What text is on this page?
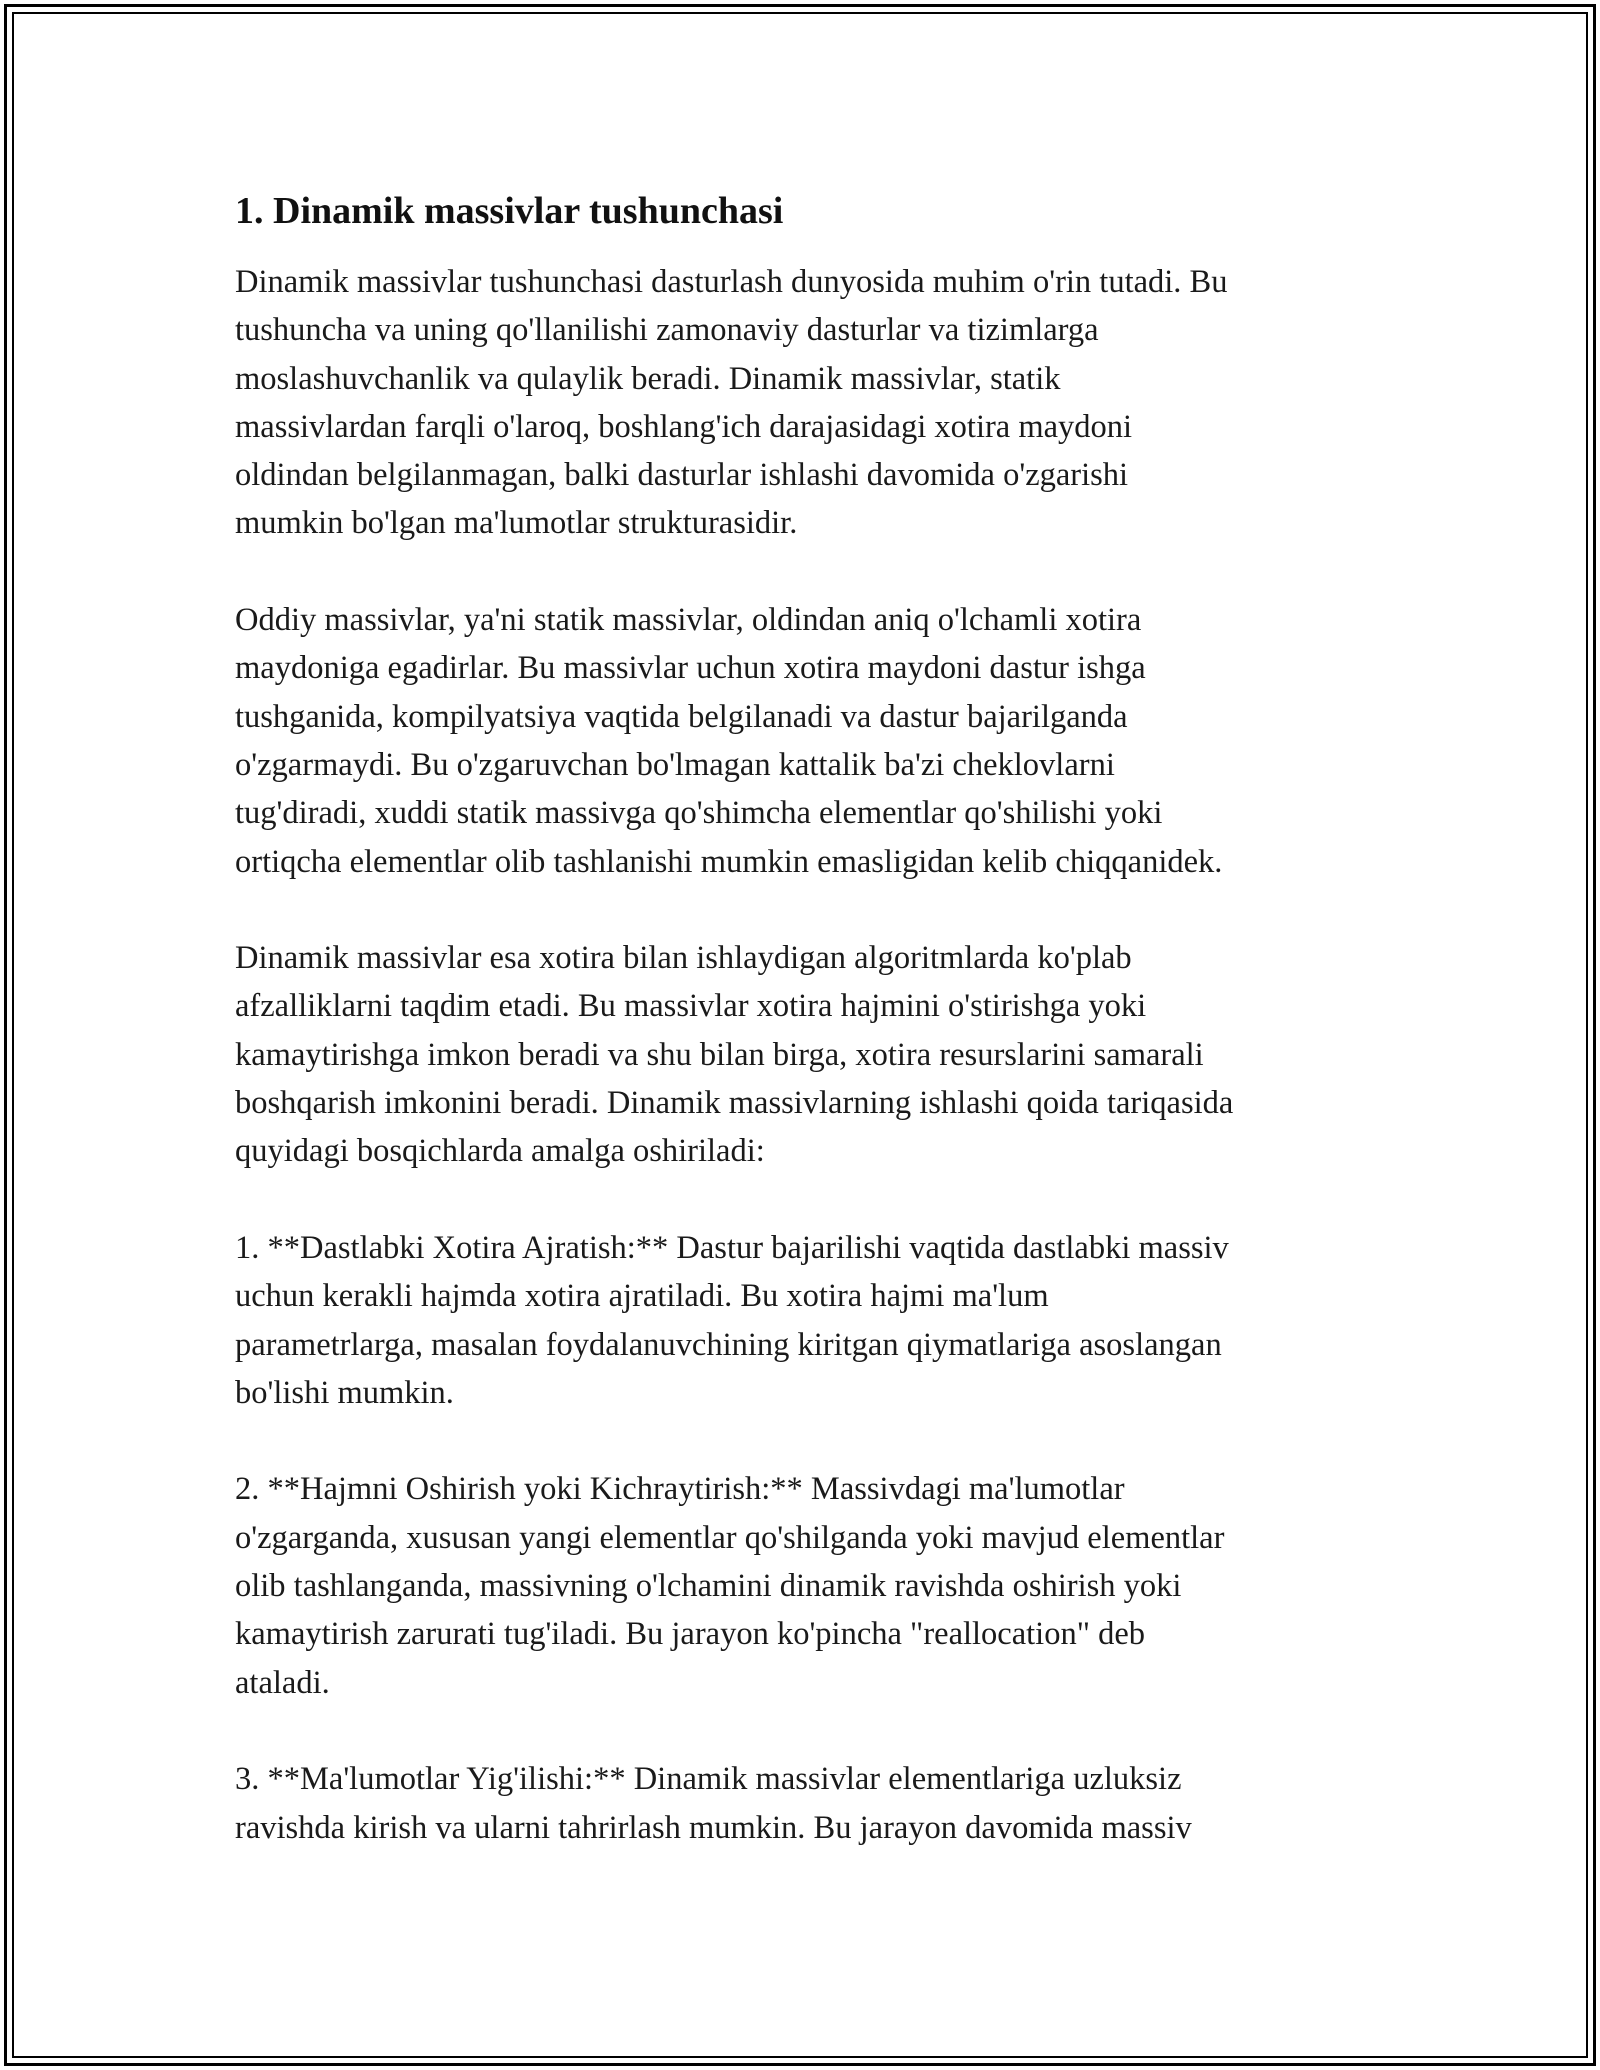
1. Dinamik massivlar tushunchasi

Dinamik massivlar tushunchasi dasturlash dunyosida muhim o'rin tutadi. Bu
tushuncha va uning qo'llanilishi zamonaviy dasturlar va tizimlarga
moslashuvchanlik va qulaylik beradi. Dinamik massivlar, statik
massivlardan farqli o'laroq, boshlang'ich darajasidagi xotira maydoni
oldindan belgilanmagan, balki dasturlar ishlashi davomida o'zgarishi
mumkin bo'lgan ma'lumotlar strukturasidir.

Oddiy massivlar, ya'ni statik massivlar, oldindan aniq o'lchamli xotira
maydoniga egadirlar. Bu massivlar uchun xotira maydoni dastur ishga
tushganida, kompilyatsiya vaqtida belgilanadi va dastur bajarilganda
o'zgarmaydi. Bu o'zgaruvchan bo'lmagan kattalik ba'zi cheklovlarni
tug'diradi, xuddi statik massivga qo'shimcha elementlar qo'shilishi yoki
ortiqcha elementlar olib tashlanishi mumkin emasligidan kelib chiqqanidek.

Dinamik massivlar esa xotira bilan ishlaydigan algoritmlarda ko'plab
afzalliklarni taqdim etadi. Bu massivlar xotira hajmini o'stirishga yoki
kamaytirishga imkon beradi va shu bilan birga, xotira resurslarini samarali
boshqarish imkonini beradi. Dinamik massivlarning ishlashi qoida tariqasida
quyidagi bosqichlarda amalga oshiriladi:

1. **Dastlabki Xotira Ajratish:** Dastur bajarilishi vaqtida dastlabki massiv
uchun kerakli hajmda xotira ajratiladi. Bu xotira hajmi ma'lum
parametrlarga, masalan foydalanuvchining kiritgan qiymatlariga asoslangan
bo'lishi mumkin.

2. **Hajmni Oshirish yoki Kichraytirish:** Massivdagi ma'lumotlar
o'zgarganda, xususan yangi elementlar qo'shilganda yoki mavjud elementlar
olib tashlanganda, massivning o'lchamini dinamik ravishda oshirish yoki
kamaytirish zarurati tug'iladi. Bu jarayon ko'pincha "reallocation" deb
ataladi.

3. **Ma'lumotlar Yig'ilishi:** Dinamik massivlar elementlariga uzluksiz
ravishda kirish va ularni tahrirlash mumkin. Bu jarayon davomida massiv
